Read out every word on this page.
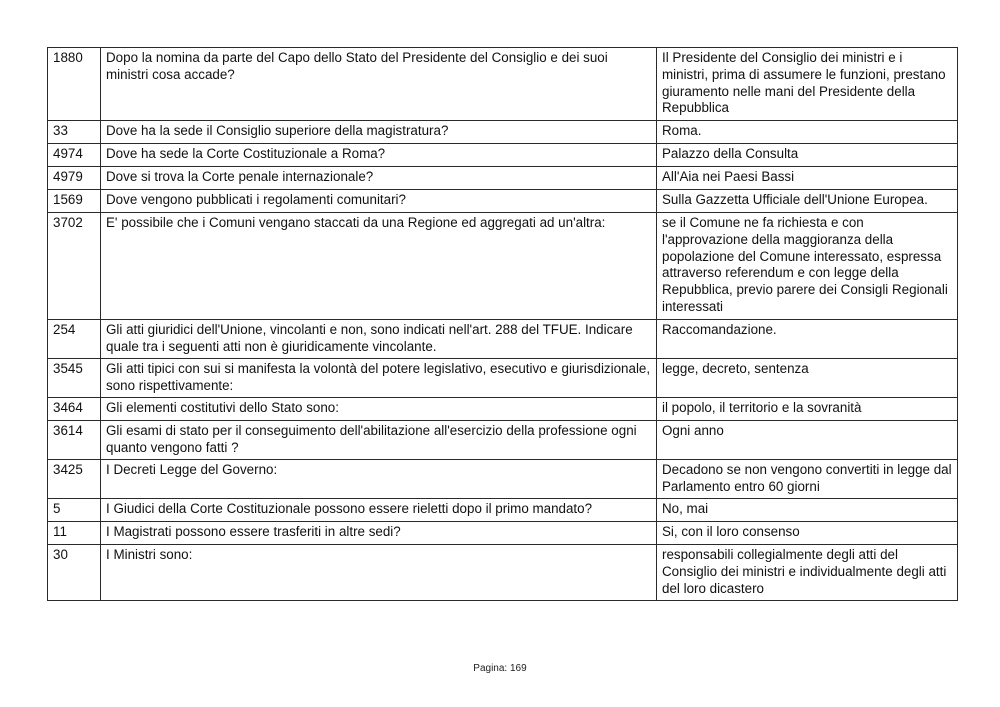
1880	Dopo la nomina da parte del Capo dello Stato del Presidente del Consiglio e dei suoi ministri cosa accade?	Il Presidente del Consiglio dei ministri e i ministri, prima di assumere le funzioni, prestano giuramento nelle mani del Presidente della Repubblica
33	Dove ha la sede il Consiglio superiore della magistratura?	Roma.
4974	Dove ha sede la Corte Costituzionale a Roma?	Palazzo della Consulta
4979	Dove si trova la Corte penale internazionale?	All'Aia nei Paesi Bassi
1569	Dove vengono pubblicati i regolamenti comunitari?	Sulla Gazzetta Ufficiale dell'Unione Europea.
3702	E' possibile che i Comuni vengano staccati da una Regione ed aggregati ad un'altra:	se il Comune ne fa richiesta e con l'approvazione della maggioranza della popolazione del Comune interessato, espressa attraverso referendum e con legge della Repubblica, previo parere dei Consigli Regionali interessati
254	Gli atti giuridici dell'Unione, vincolanti e non, sono indicati nell'art. 288 del TFUE. Indicare quale tra i seguenti atti non è giuridicamente vincolante.	Raccomandazione.
3545	Gli atti tipici con sui si manifesta la volontà del potere legislativo, esecutivo e giurisdizionale, sono rispettivamente:	legge, decreto, sentenza
3464	Gli elementi costitutivi dello Stato sono:	il popolo, il territorio e la sovranità
3614	Gli esami di stato per il conseguimento dell'abilitazione all'esercizio della professione ogni quanto vengono fatti ?	Ogni anno
3425	I Decreti Legge del Governo:	Decadono se non vengono convertiti in legge dal Parlamento entro 60 giorni
5	I Giudici della Corte Costituzionale possono essere rieletti dopo il primo mandato?	No, mai
11	I Magistrati possono essere trasferiti in altre sedi?	Si, con il loro consenso
30	I Ministri sono:	responsabili collegialmente degli atti del Consiglio dei ministri e individualmente degli atti del loro dicastero
Pagina: 169
